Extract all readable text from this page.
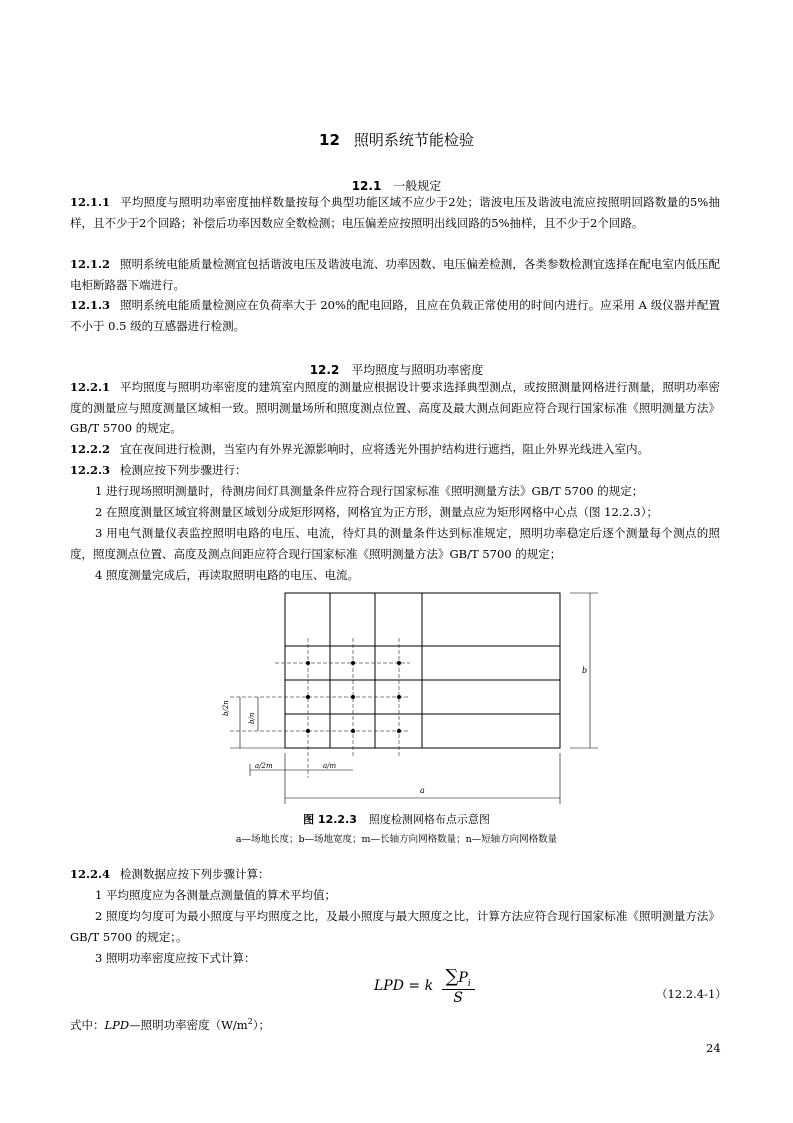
12 照明系统节能检验
12.1 一般规定

12.1.1 平均照度与照明功率密度抽样数量按每个典型功能区域不应少于2处；谐波电压及谐波电流应按照明回路数量的5%抽样，且不少于2个回路；补偿后功率因数应全数检测；电压偏差应按照明出线回路的5%抽样，且不少于2个回路。

12.1.2 照明系统电能质量检测宜包括谐波电压及谐波电流、功率因数、电压偏差检测，各类参数检测宜选择在配电室内低压配电柜断路器下端进行。

12.1.3 照明系统电能质量检测应在负荷率大于 20%的配电回路，且应在负载正常使用的时间内进行。应采用 A 级仪器并配置不小于 0.5 级的互感器进行检测。

12.2 平均照度与照明功率密度

12.2.1 平均照度与照明功率密度的建筑室内照度的测量应根据设计要求选择典型测点，或按照测量网格进行测量，照明功率密度的测量应与照度测量区域相一致。照明测量场所和照度测点位置、高度及最大测点间距应符合现行国家标准《照明测量方法》GB/T 5700 的规定。

12.2.2 宜在夜间进行检测，当室内有外界光源影响时，应将透光外围护结构进行遮挡，阻止外界光线进入室内。

12.2.3 检测应按下列步骤进行：

1 进行现场照明测量时，待测房间灯具测量条件应符合现行国家标准《照明测量方法》GB/T 5700 的规定；

2 在照度测量区域宜将测量区域划分成矩形网格，网格宜为正方形，测量点应为矩形网格中心点（图 12.2.3）；

3 用电气测量仪表监控照明电路的电压、电流，待灯具的测量条件达到标准规定，照明功率稳定后逐个测量每个测点的照度，照度测点位置、高度及测点间距应符合现行国家标准《照明测量方法》GB/T 5700 的规定；

4 照度测量完成后，再读取照明电路的电压、电流。

b
a
a/2m	a/m
b/2n
b/n
图 12.2.3 照度检测网格布点示意图
a—场地长度；b—场地宽度；m—长轴方向网格数量；n—短轴方向网格数量

12.2.4 检测数据应按下列步骤计算：

1 平均照度应为各测量点测量值的算术平均值；

2 照度均匀度可为最小照度与平均照度之比，及最小照度与最大照度之比，计算方法应符合现行国家标准《照明测量方法》GB/T 5700 的规定；。

3 照明功率密度应按下式计算：

LPD = k $\frac{\sum P_i}{S}$	（12.2.4-1）
式中：LPD—照明功率密度$(W/m^2)$；
24
